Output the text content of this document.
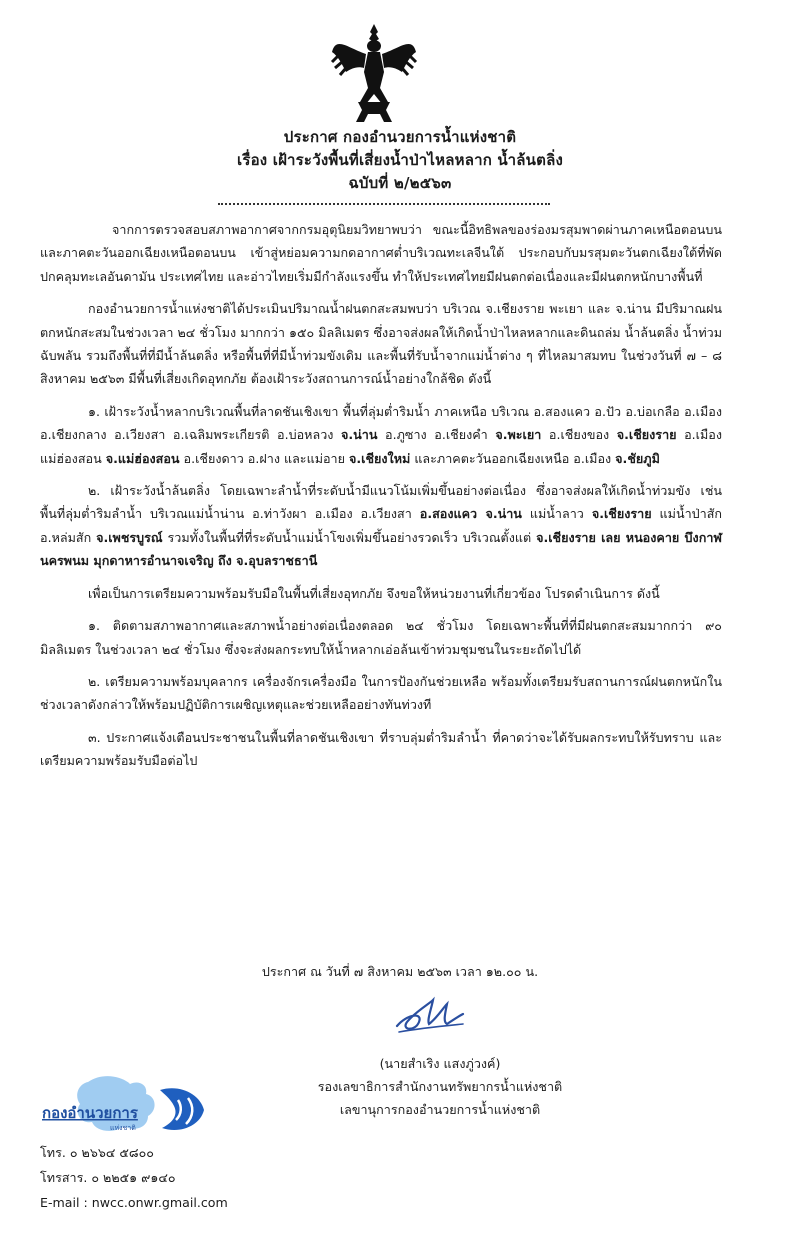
ประกาศ กองอำนวยการน้ำแห่งชาติ
เรื่อง เฝ้าระวังพื้นที่เสี่ยงน้ำป่าไหลหลาก น้ำล้นตลิ่ง
ฉบับที่ ๒/๒๕๖๓

จากการตรวจสอบสภาพอากาศจากกรมอุตุนิยมวิทยาพบว่า ขณะนี้อิทธิพลของร่องมรสุมพาดผ่านภาคเหนือตอนบน และภาคตะวันออกเฉียงเหนือตอนบน เข้าสู่หย่อมความกดอากาศต่ำบริเวณทะเลจีนใต้ ประกอบกับมรสุมตะวันตกเฉียงใต้ที่พัดปกคลุมทะเลอันดามัน ประเทศไทย และอ่าวไทยเริ่มมีกำลังแรงขึ้น ทำให้ประเทศไทยมีฝนตกต่อเนื่องและมีฝนตกหนักบางพื้นที่

กองอำนวยการน้ำแห่งชาติได้ประเมินปริมาณน้ำฝนตกสะสมพบว่า บริเวณ จ.เชียงราย พะเยา และ จ.น่าน มีปริมาณฝนตกหนักสะสมในช่วงเวลา ๒๔ ชั่วโมง มากกว่า ๑๕๐ มิลลิเมตร ซึ่งอาจส่งผลให้เกิดน้ำป่าไหลหลากและดินถล่ม น้ำล้นตลิ่ง น้ำท่วมฉับพลัน รวมถึงพื้นที่ที่มีน้ำล้นตลิ่ง หรือพื้นที่ที่มีน้ำท่วมขังเดิม และพื้นที่รับน้ำจากแม่น้ำต่าง ๆ ที่ไหลมาสมทบ ในช่วงวันที่ ๗ – ๘ สิงหาคม ๒๕๖๓ มีพื้นที่เสี่ยงเกิดอุทกภัย ต้องเฝ้าระวังสถานการณ์น้ำอย่างใกล้ชิด ดังนี้

๑. เฝ้าระวังน้ำหลากบริเวณพื้นที่ลาดชันเชิงเขา พื้นที่ลุ่มต่ำริมน้ำ ภาคเหนือ บริเวณ อ.สองแคว อ.ปัว อ.บ่อเกลือ อ.เมือง อ.เชียงกลาง อ.เวียงสา อ.เฉลิมพระเกียรติ อ.บ่อหลวง จ.น่าน อ.ภูซาง อ.เชียงคำ จ.พะเยา อ.เชียงของ จ.เชียงราย อ.เมืองแม่ฮ่องสอน จ.แม่ฮ่องสอน อ.เชียงดาว อ.ฝาง และแม่อาย จ.เชียงใหม่ และภาคตะวันออกเฉียงเหนือ อ.เมือง จ.ชัยภูมิ

๒. เฝ้าระวังน้ำล้นตลิ่ง โดยเฉพาะลำน้ำที่ระดับน้ำมีแนวโน้มเพิ่มขึ้นอย่างต่อเนื่อง ซึ่งอาจส่งผลให้เกิดน้ำท่วมขัง เช่น พื้นที่ลุ่มต่ำริมลำน้ำ บริเวณแม่น้ำน่าน อ.ท่าวังผา อ.เมือง อ.เวียงสา อ.สองแคว จ.น่าน แม่น้ำลาว จ.เชียงราย แม่น้ำป่าสัก อ.หล่มสัก จ.เพชรบูรณ์ รวมทั้งในพื้นที่ที่ระดับน้ำแม่น้ำโขงเพิ่มขึ้นอย่างรวดเร็ว บริเวณตั้งแต่ จ.เชียงราย เลย หนองคาย บึงกาฬ นครพนม มุกดาหารอำนาจเจริญ ถึง จ.อุบลราชธานี

เพื่อเป็นการเตรียมความพร้อมรับมือในพื้นที่เสี่ยงอุทกภัย จึงขอให้หน่วยงานที่เกี่ยวข้อง โปรดดำเนินการ ดังนี้

๑. ติดตามสภาพอากาศและสภาพน้ำอย่างต่อเนื่องตลอด ๒๔ ชั่วโมง โดยเฉพาะพื้นที่ที่มีฝนตกสะสมมากกว่า ๙๐ มิลลิเมตร ในช่วงเวลา ๒๔ ชั่วโมง ซึ่งจะส่งผลกระทบให้น้ำหลากเอ่อล้นเข้าท่วมชุมชนในระยะถัดไปได้

๒. เตรียมความพร้อมบุคลากร เครื่องจักรเครื่องมือ ในการป้องกันช่วยเหลือ พร้อมทั้งเตรียมรับสถานการณ์ฝนตกหนักในช่วงเวลาดังกล่าวให้พร้อมปฏิบัติการเผชิญเหตุและช่วยเหลืออย่างทันท่วงที

๓. ประกาศแจ้งเตือนประชาชนในพื้นที่ลาดชันเชิงเขา ที่ราบลุ่มต่ำริมลำน้ำ ที่คาดว่าจะได้รับผลกระทบให้รับทราบ และเตรียมความพร้อมรับมือต่อไป

ประกาศ ณ วันที่ ๗ สิงหาคม ๒๕๖๓ เวลา ๑๒.๐๐ น.
(นายสำเริง แสงภู่วงค์)
รองเลขาธิการสำนักงานทรัพยากรน้ำแห่งชาติ
เลขานุการกองอำนวยการน้ำแห่งชาติ
กองอำนวยการ
แห่งชาติ
โทร. ๐ ๒๖๖๔ ๕๘๐๐
โทรสาร. ๐ ๒๒๕๑ ๙๑๔๐
E-mail : nwcc.onwr.gmail.com
